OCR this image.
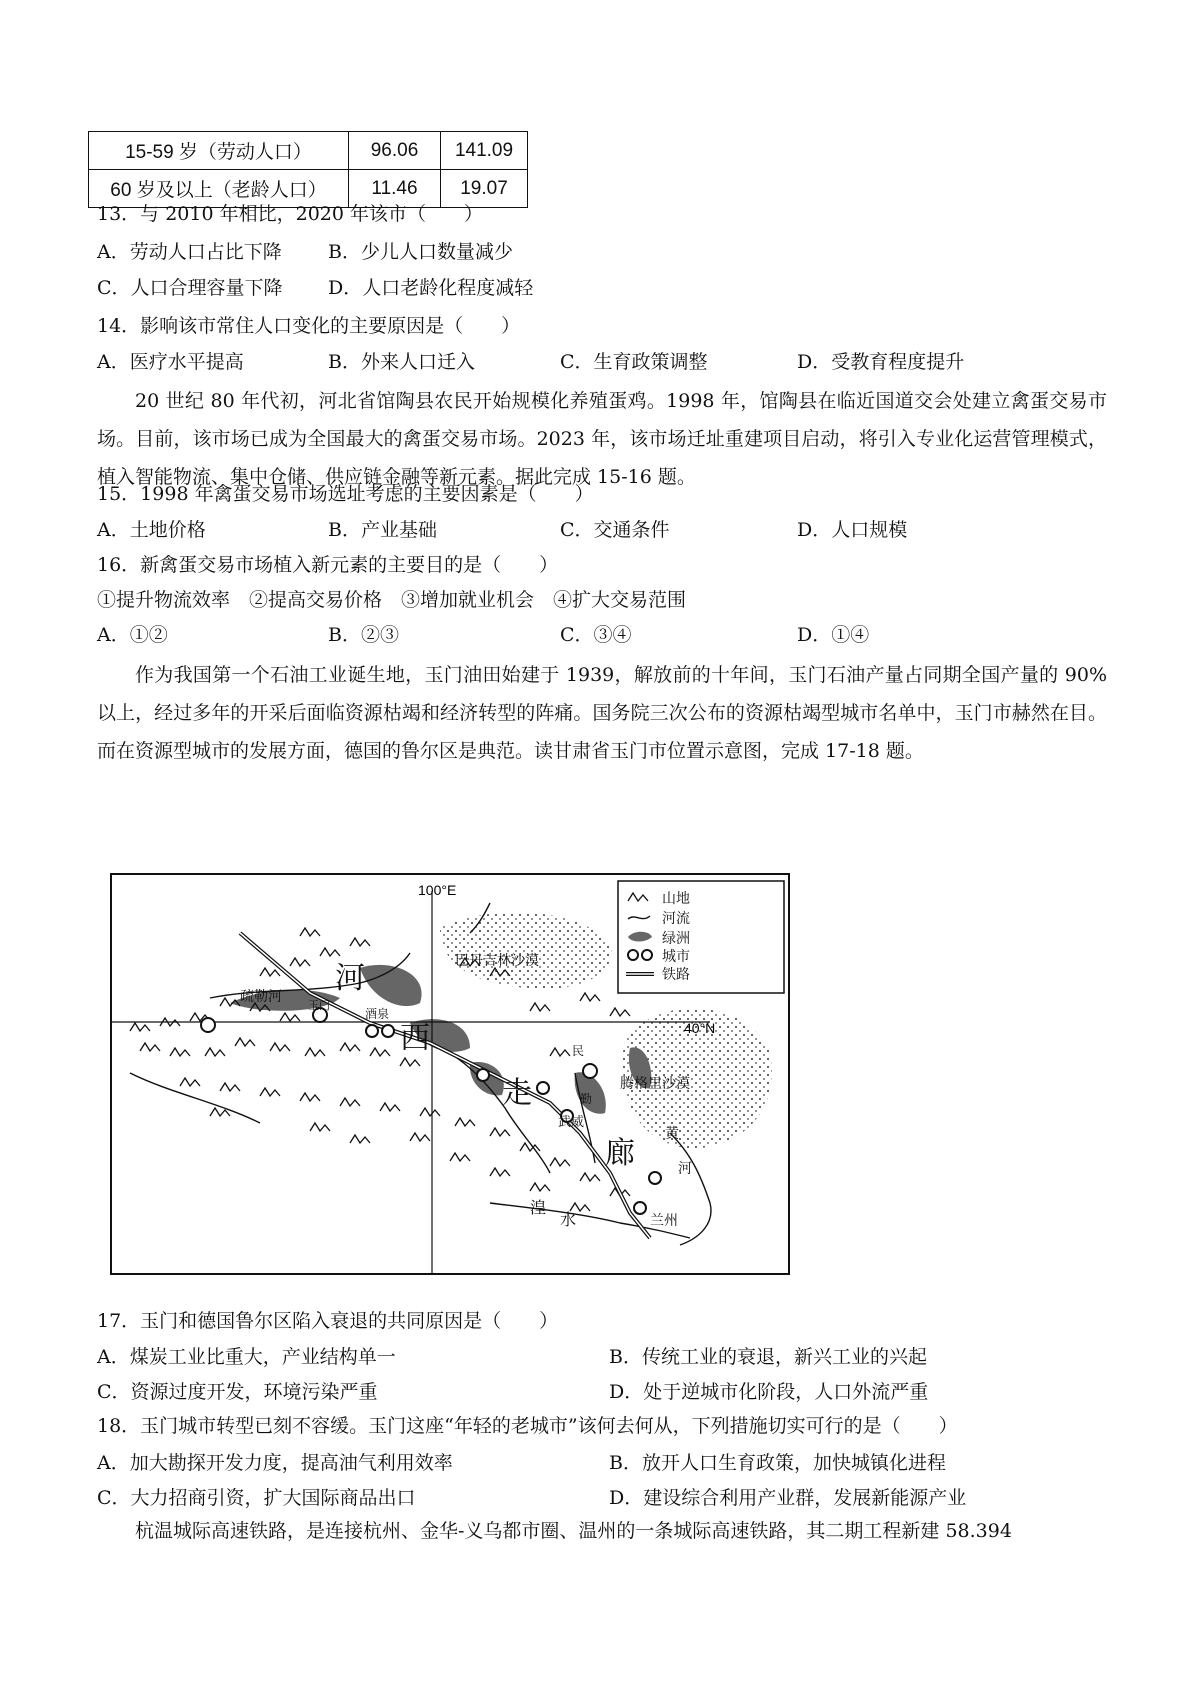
15-59 岁（劳动人口）	96.06	141.09
60 岁及以上（老龄人口）	11.46	19.07
13．与 2010 年相比，2020 年该市（　　）
A．劳动人口占比下降 B．少儿人口数量减少
C．人口合理容量下降 D．人口老龄化程度减轻
14．影响该市常住人口变化的主要原因是（　　）
A．医疗水平提高	B．外来人口迁入	C．生育政策调整	D．受教育程度提升

20 世纪 80 年代初，河北省馆陶县农民开始规模化养殖蛋鸡。1998 年，馆陶县在临近国道交会处建立禽蛋交易市场。目前，该市场已成为全国最大的禽蛋交易市场。2023 年，该市场迁址重建项目启动，将引入专业化运营管理模式，植入智能物流、集中仓储、供应链金融等新元素。据此完成 15-16 题。

15．1998 年禽蛋交易市场选址考虑的主要因素是（　　）
A．土地价格	B．产业基础	C．交通条件	D．人口规模
16．新禽蛋交易市场植入新元素的主要目的是（　　）
①提升物流效率　②提高交易价格　③增加就业机会　④扩大交易范围
A．①②	B．②③	C．③④	D．①④

作为我国第一个石油工业诞生地，玉门油田始建于 1939，解放前的十年间，玉门石油产量占同期全国产量的 90%以上，经过多年的开采后面临资源枯竭和经济转型的阵痛。国务院三次公布的资源枯竭型城市名单中，玉门市赫然在目。而在资源型城市的发展方面，德国的鲁尔区是典范。读甘肃省玉门市位置示意图，完成 17-18 题。

100°E
40°N
疏勒河
玉门
酒泉
巴丹吉林沙漠
腾格里沙漠
武威
兰州
民
勤
黄
河
湟
水
河
西
走
廊
山地
河流
绿洲
城市
铁路
17．玉门和德国鲁尔区陷入衰退的共同原因是（　　）
A．煤炭工业比重大，产业结构单一	B．传统工业的衰退，新兴工业的兴起
C．资源过度开发，环境污染严重	D．处于逆城市化阶段，人口外流严重
18．玉门城市转型已刻不容缓。玉门这座“年轻的老城市”该何去何从，下列措施切实可行的是（　　）
A．加大勘探开发力度，提高油气利用效率	B．放开人口生育政策，加快城镇化进程
C．大力招商引资，扩大国际商品出口	D．建设综合利用产业群，发展新能源产业

杭温城际高速铁路，是连接杭州、金华-义乌都市圈、温州的一条城际高速铁路，其二期工程新建 58.394
